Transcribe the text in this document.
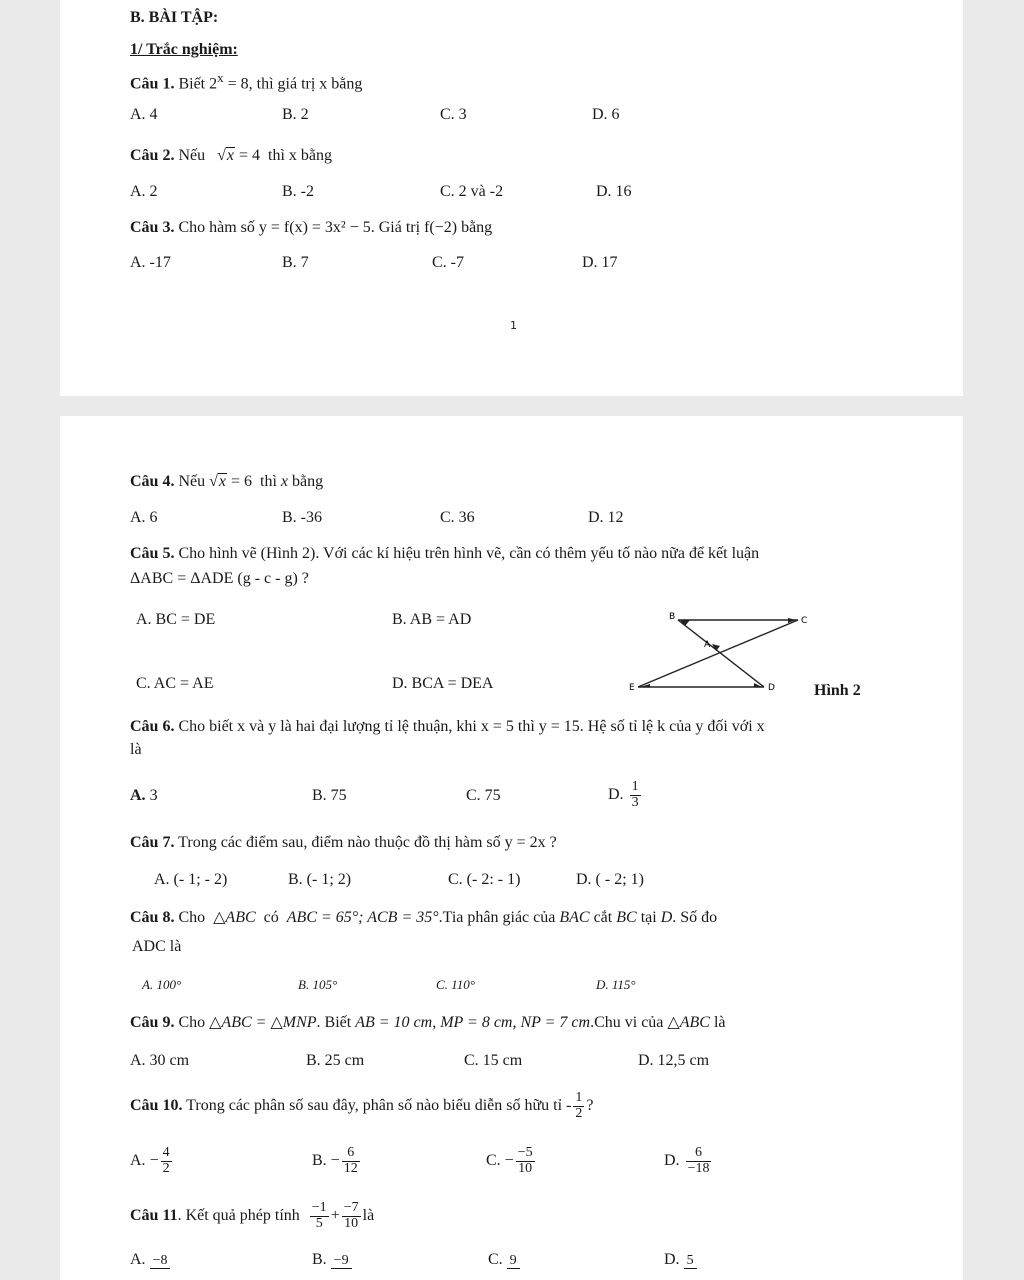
B. BÀI TẬP:
1/ Trắc nghiệm:
Câu 1. Biết $2^x = 8$, thì giá trị x bằng
A. 4	B. 2	C. 3	D. 6
Câu 2. Nếu   √x = 4 thì x bằng
A. 2	B. -2	C. 2 và -2	D. 16
Câu 3. Cho hàm số y = f(x) = 3x² − 5. Giá trị f(−2) bằng
A. -17	B. 7	C. -7	D. 17
1
Câu 4. Nếu √x = 6 thì x bằng
A. 6	B. -36	C. 36	D. 12
Câu 5. Cho hình vẽ (Hình 2). Với các kí hiệu trên hình vẽ, cần có thêm yếu tố nào nữa để kết luận
ΔABC = ΔADE (g - c - g) ?
A. BC = DE	B. AB = AD
C. AC = AE	D. BCA = DEA
B	C
A
E	D Hình 2
Câu 6. Cho biết x và y là hai đại lượng tỉ lệ thuận, khi x = 5 thì y = 15. Hệ số tỉ lệ k của y đối với x
là
A. 3	B. 75	C. 75	D. $\frac{1}{3}$
Câu 7. Trong các điểm sau, điểm nào thuộc đồ thị hàm số y = 2x ?
A. (- 1; - 2)	B. (- 1; 2)	C. (- 2: - 1)	D. ( - 2; 1)
Câu 8. Cho △ABC có ABC = 65°; ACB = 35°.Tia phân giác của BAC cắt BC tại D. Số đo
ADC là
A. 100°	B. 105°	C. 110°	D. 115°
Câu 9. Cho △ABC = △MNP. Biết AB = 10 cm, MP = 8 cm, NP = 7 cm.Chu vi của △ABC là
A. 30 cm	B. 25 cm	C. 15 cm	D. 12,5 cm
Câu 10. Trong các phân số sau đây, phân số nào biểu diễn số hữu tỉ - $\frac{1}{2}$ ?
A. − $\frac{4}{2}$	B. − $\frac{6}{12}$	C. − $\frac{-5}{10}$	D. $\frac{6}{-18}$
Câu 11. Kết quả phép tính $\frac{-1}{5} + \frac{-7}{10}$ là
A. −8	B. −9	C. 9	D. 5
